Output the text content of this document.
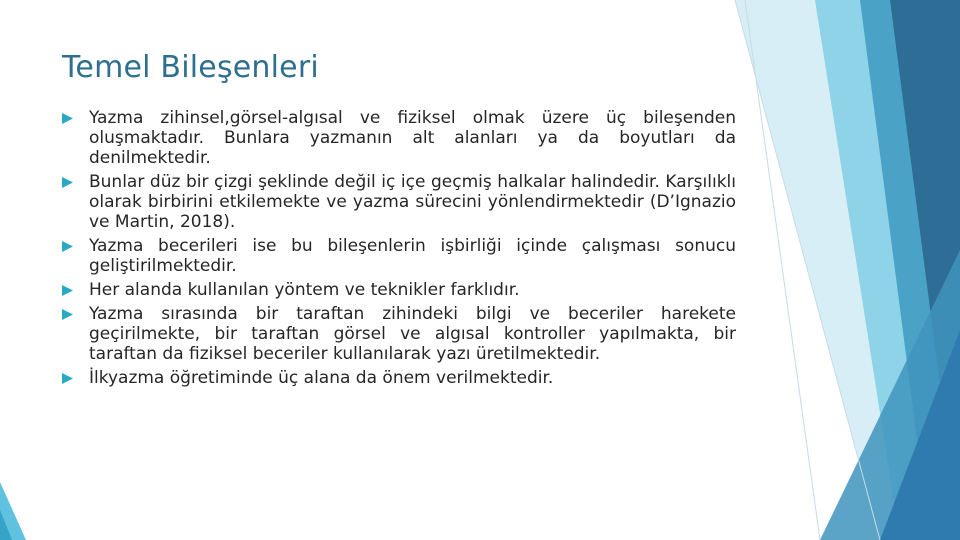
Temel Bileşenleri
Yazma zihinsel,görsel-algısal ve fiziksel olmak üzere üç bileşenden oluşmaktadır. Bunlara yazmanın alt alanları ya da boyutları da denilmektedir.
Bunlar düz bir çizgi şeklinde değil iç içe geçmiş halkalar halindedir. Karşılıklı olarak birbirini etkilemekte ve yazma sürecini yönlendirmektedir (D’Ignazio ve Martin, 2018).
Yazma becerileri ise bu bileşenlerin işbirliği içinde çalışması sonucu geliştirilmektedir.
Her alanda kullanılan yöntem ve teknikler farklıdır.
Yazma sırasında bir taraftan zihindeki bilgi ve beceriler harekete geçirilmekte, bir taraftan görsel ve algısal kontroller yapılmakta, bir taraftan da fiziksel beceriler kullanılarak yazı üretilmektedir.
İlkyazma öğretiminde üç alana da önem verilmektedir.
